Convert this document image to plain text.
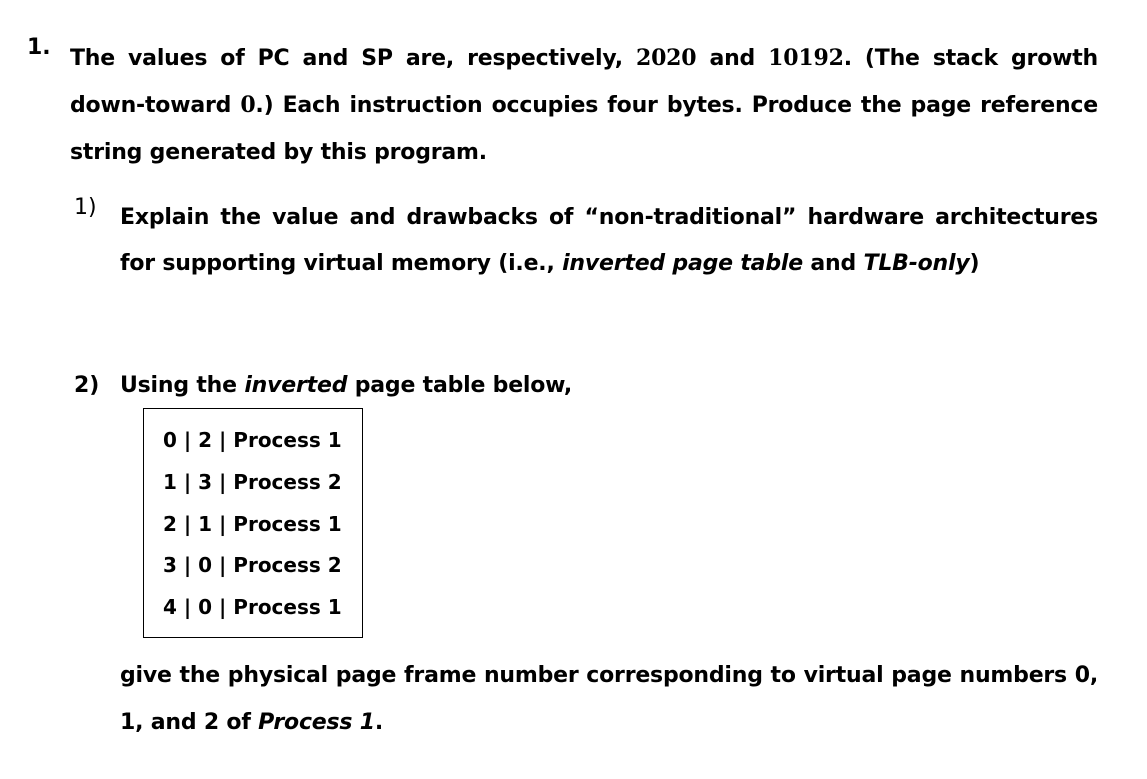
1. The values of PC and SP are, respectively, 2020 and 10192. (The stack growth down-toward 0.) Each instruction occupies four bytes. Produce the page reference string generated by this program.
1) Explain the value and drawbacks of “non-traditional” hardware architectures for supporting virtual memory (i.e., inverted page table and TLB-only)
2) Using the inverted page table below,
0 | 2 | Process 1
1 | 3 | Process 2
2 | 1 | Process 1
3 | 0 | Process 2
4 | 0 | Process 1
give the physical page frame number corresponding to virtual page numbers 0, 1, and 2 of Process 1.
